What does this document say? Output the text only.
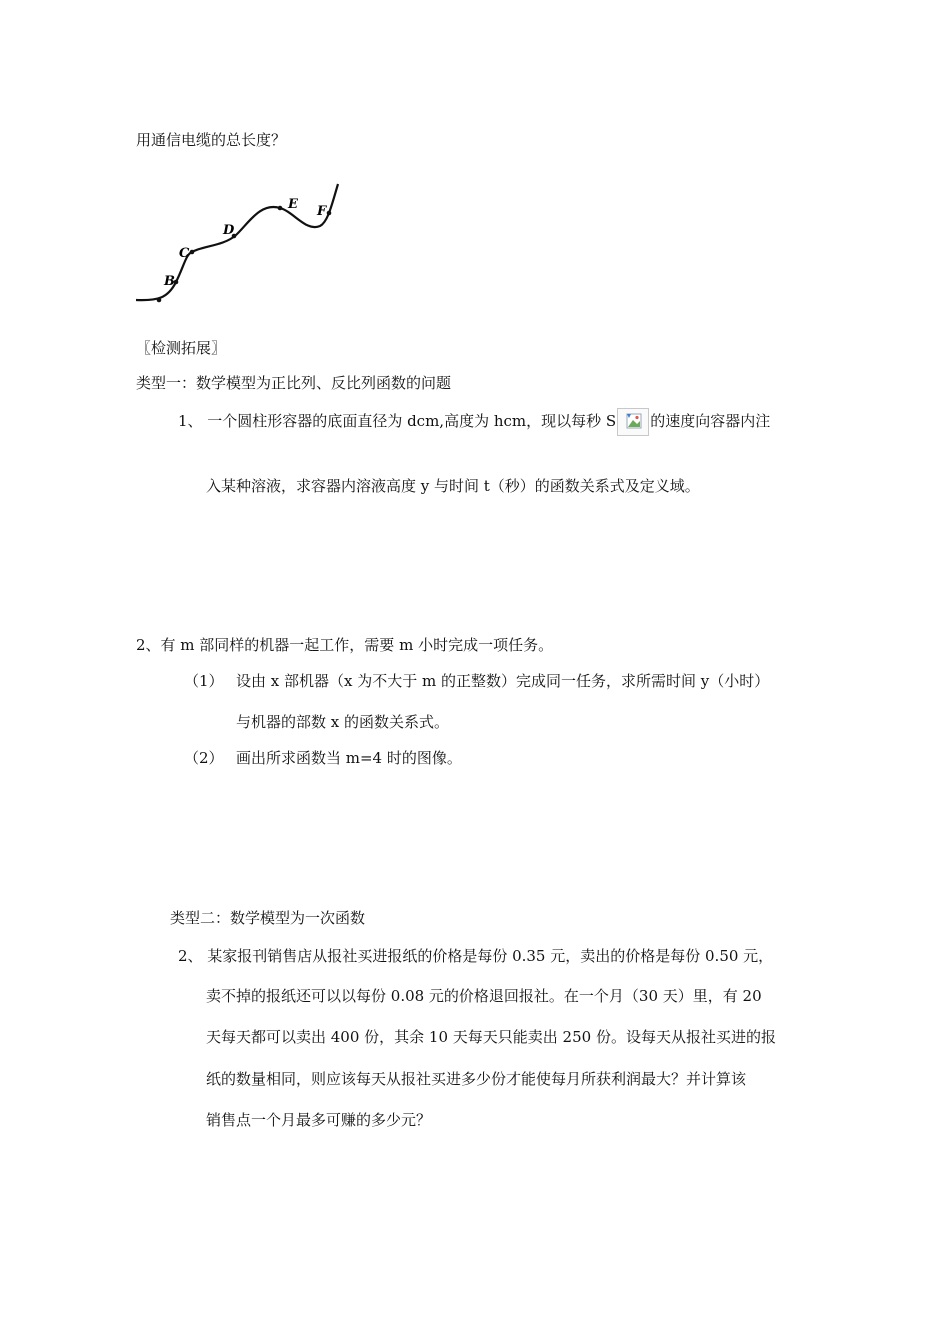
用通信电缆的总长度？
B
C
D
E F
〖检测拓展〗
类型一：数学模型为正比列、反比列函数的问题
1、 一个圆柱形容器的底面直径为 dcm,高度为 hcm，现以每秒 S 的速度向容器内注
入某种溶液，求容器内溶液高度 y 与时间 t（秒）的函数关系式及定义域。
2、有 m 部同样的机器一起工作，需要 m 小时完成一项任务。
（1） 设由 x 部机器（x 为不大于 m 的正整数）完成同一任务，求所需时间 y（小时）
与机器的部数 x 的函数关系式。
（2） 画出所求函数当 m=4 时的图像。
类型二：数学模型为一次函数
2、 某家报刊销售店从报社买进报纸的价格是每份 0.35 元，卖出的价格是每份 0.50 元，
卖不掉的报纸还可以以每份 0.08 元的价格退回报社。在一个月（30 天）里，有 20
天每天都可以卖出 400 份，其余 10 天每天只能卖出 250 份。设每天从报社买进的报
纸的数量相同，则应该每天从报社买进多少份才能使每月所获利润最大？并计算该
销售点一个月最多可赚的多少元？
